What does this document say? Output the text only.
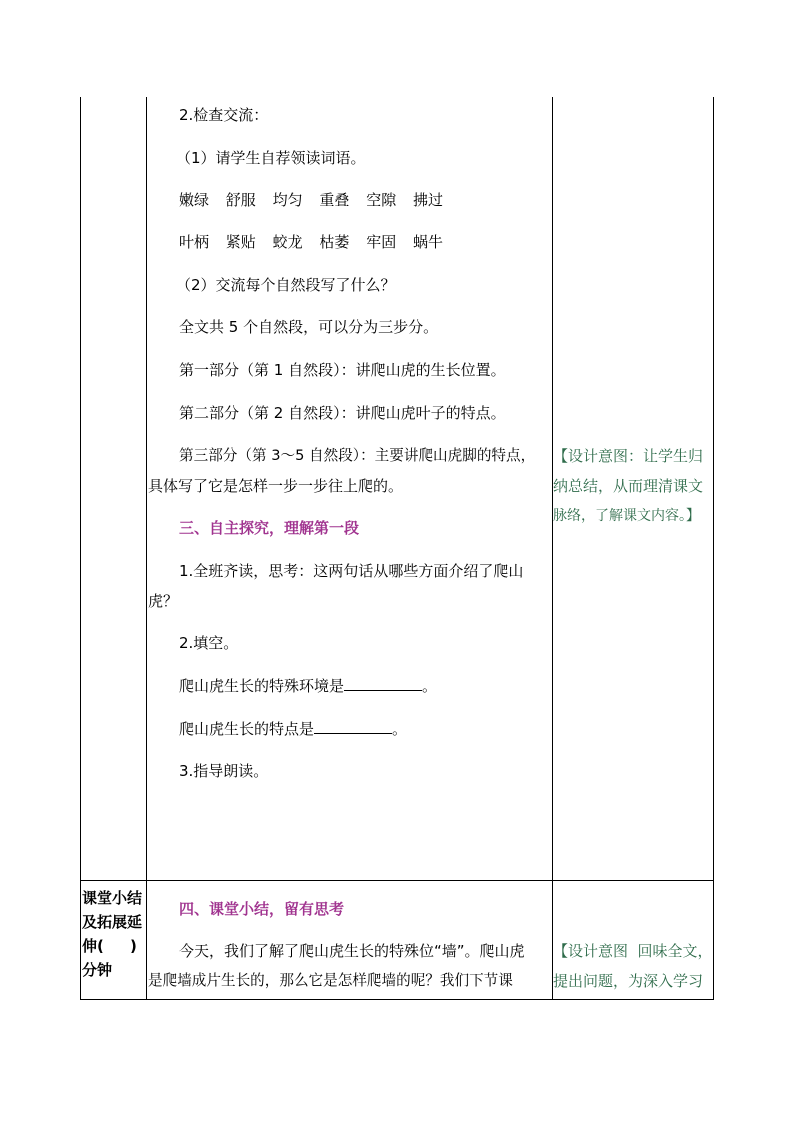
2.检查交流：
（1）请学生自荐领读词语。
嫩绿 舒服 均匀 重叠 空隙 拂过
叶柄 紧贴 蛟龙 枯萎 牢固 蜗牛
（2）交流每个自然段写了什么？
全文共 5 个自然段，可以分为三步分。
第一部分（第 1 自然段）：讲爬山虎的生长位置。
第二部分（第 2 自然段）：讲爬山虎叶子的特点。
第三部分（第 3～5 自然段）：主要讲爬山虎脚的特点，
具体写了它是怎样一步一步往上爬的。
三、自主探究，理解第一段
1.全班齐读，思考：这两句话从哪些方面介绍了爬山
虎？
2.填空。
爬山虎生长的特殊环境是	。
爬山虎生长的特点是	。
3.指导朗读。
【设计意图：让学生归
纳总结，从而理清课文
脉络，了解课文内容。】
课堂小结
及拓展延
伸(     )
分钟
四、课堂小结，留有思考
今天，我们了解了爬山虎生长的特殊位“墙”。爬山虎
是爬墙成片生长的，那么它是怎样爬墙的呢？我们下节课
【设计意图  回味全文，
提出问题，为深入学习
